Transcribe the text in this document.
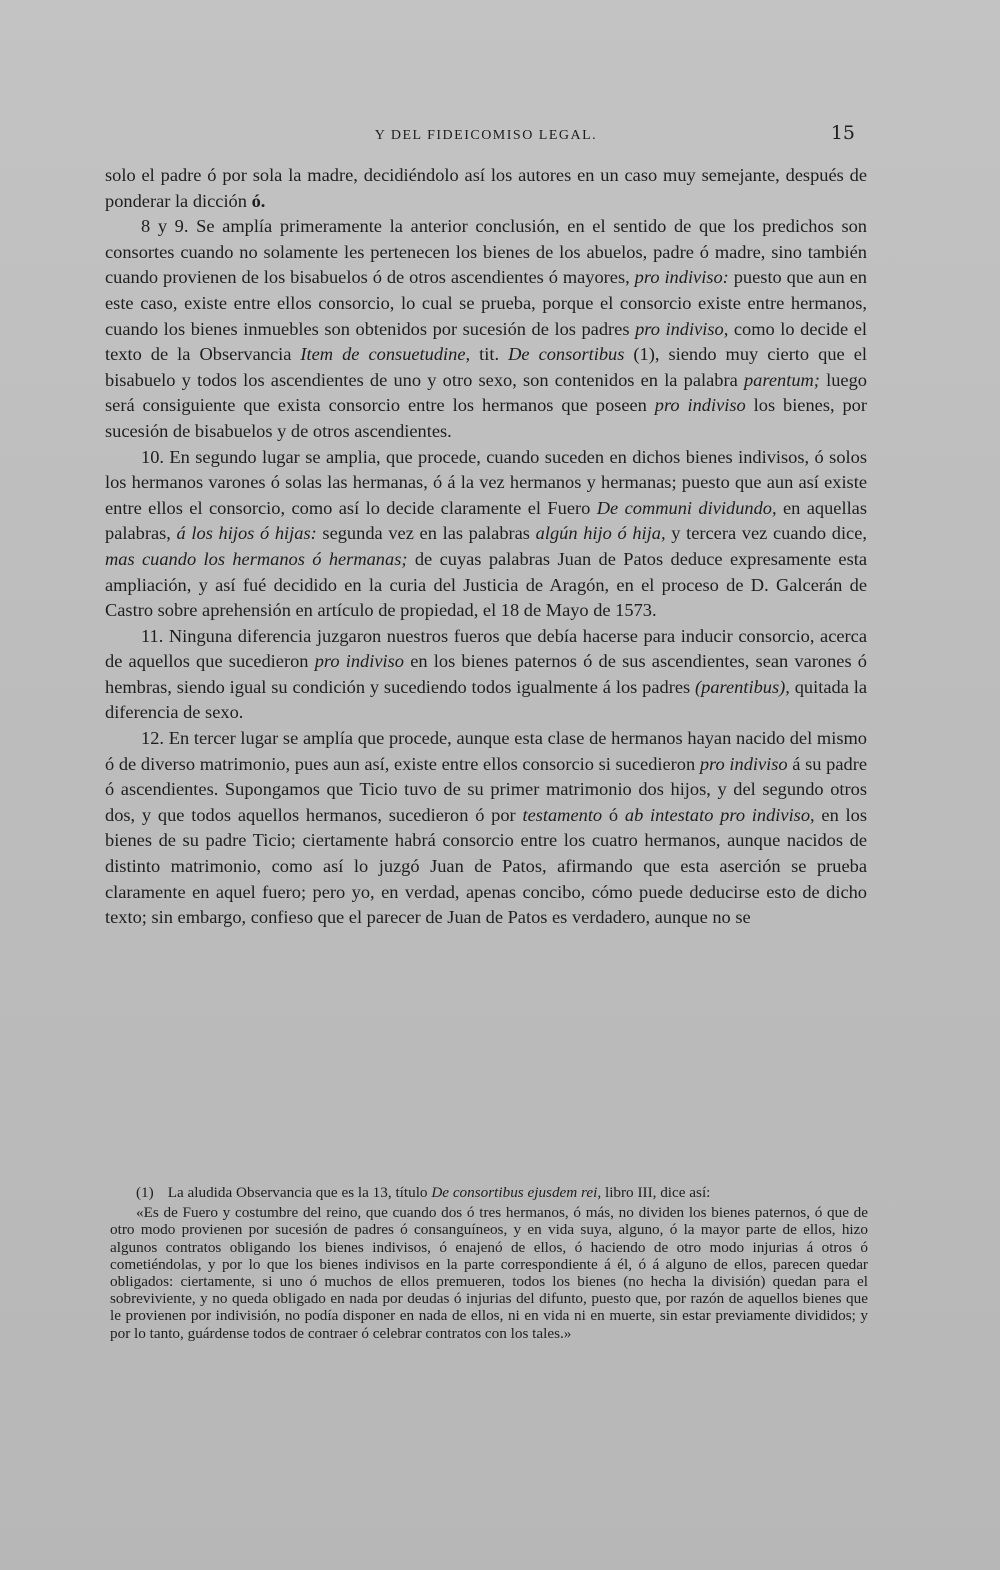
Y DEL FIDEICOMISO LEGAL.	15

solo el padre ó por sola la madre, decidiéndolo así los autores en un caso muy semejante, después de ponderar la dicción ó.

8 y 9. Se amplía primeramente la anterior conclusión, en el sentido de que los predichos son consortes cuando no solamente les pertenecen los bienes de los abuelos, padre ó madre, sino también cuando provienen de los bisabuelos ó de otros ascendientes ó mayores, pro indiviso: puesto que aun en este caso, existe entre ellos consorcio, lo cual se prueba, porque el consorcio existe entre hermanos, cuando los bienes inmuebles son obtenidos por sucesión de los padres pro indiviso, como lo decide el texto de la Observancia Item de consuetudine, tit. De consortibus (1), siendo muy cierto que el bisabuelo y todos los ascendientes de uno y otro sexo, son contenidos en la palabra parentum; luego será consiguiente que exista consorcio entre los hermanos que poseen pro indiviso los bienes, por sucesión de bisabuelos y de otros ascendientes.

10. En segundo lugar se amplia, que procede, cuando suceden en dichos bienes indivisos, ó solos los hermanos varones ó solas las hermanas, ó á la vez hermanos y hermanas; puesto que aun así existe entre ellos el consorcio, como así lo decide claramente el Fuero De communi dividundo, en aquellas palabras, á los hijos ó hijas: segunda vez en las palabras algún hijo ó hija, y tercera vez cuando dice, mas cuando los hermanos ó hermanas; de cuyas palabras Juan de Patos deduce expresamente esta ampliación, y así fué decidido en la curia del Justicia de Aragón, en el proceso de D. Galcerán de Castro sobre aprehensión en artículo de propiedad, el 18 de Mayo de 1573.

11. Ninguna diferencia juzgaron nuestros fueros que debía hacerse para inducir consorcio, acerca de aquellos que sucedieron pro indiviso en los bienes paternos ó de sus ascendientes, sean varones ó hembras, siendo igual su condición y sucediendo todos igualmente á los padres (parentibus), quitada la diferencia de sexo.

12. En tercer lugar se amplía que procede, aunque esta clase de hermanos hayan nacido del mismo ó de diverso matrimonio, pues aun así, existe entre ellos consorcio si sucedieron pro indiviso á su padre ó ascendientes. Supongamos que Ticio tuvo de su primer matrimonio dos hijos, y del segundo otros dos, y que todos aquellos hermanos, sucedieron ó por testamento ó ab intestato pro indiviso, en los bienes de su padre Ticio; ciertamente habrá consorcio entre los cuatro hermanos, aunque nacidos de distinto matrimonio, como así lo juzgó Juan de Patos, afirmando que esta aserción se prueba claramente en aquel fuero; pero yo, en verdad, apenas concibo, cómo puede deducirse esto de dicho texto; sin embargo, confieso que el parecer de Juan de Patos es verdadero, aunque no se

(1) La aludida Observancia que es la 13, título De consortibus ejusdem rei, libro III, dice así:

«Es de Fuero y costumbre del reino, que cuando dos ó tres hermanos, ó más, no dividen los bienes paternos, ó que de otro modo provienen por sucesión de padres ó consanguíneos, y en vida suya, alguno, ó la mayor parte de ellos, hizo algunos contratos obligando los bienes indivisos, ó enajenó de ellos, ó haciendo de otro modo injurias á otros ó cometiéndolas, y por lo que los bienes indivisos en la parte correspondiente á él, ó á alguno de ellos, parecen quedar obligados: ciertamente, si uno ó muchos de ellos premueren, todos los bienes (no hecha la división) quedan para el sobreviviente, y no queda obligado en nada por deudas ó injurias del difunto, puesto que, por razón de aquellos bienes que le provienen por indivisión, no podía disponer en nada de ellos, ni en vida ni en muerte, sin estar previamente divididos; y por lo tanto, guárdense todos de contraer ó celebrar contratos con los tales.»
